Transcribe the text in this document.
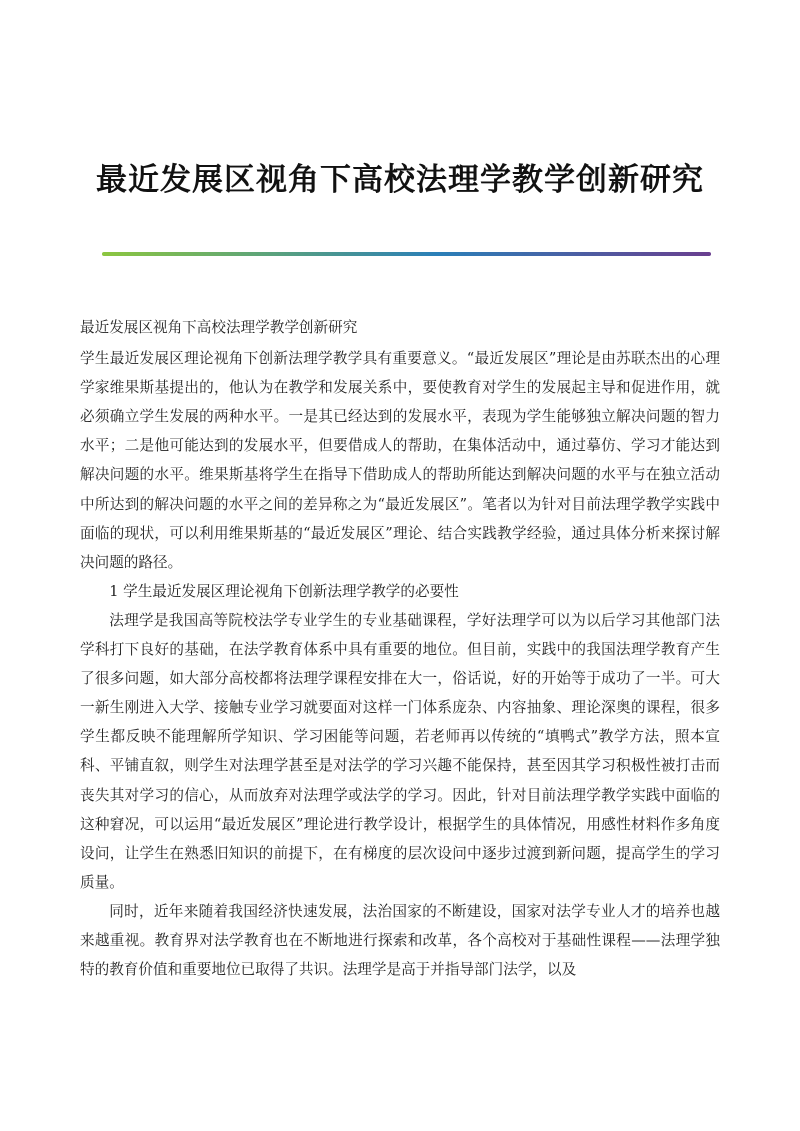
最近发展区视角下高校法理学教学创新研究

最近发展区视角下高校法理学教学创新研究

学生最近发展区理论视角下创新法理学教学具有重要意义。“最近发展区”理论是由苏联杰出的心理学家维果斯基提出的，他认为在教学和发展关系中，要使教育对学生的发展起主导和促进作用，就必须确立学生发展的两种水平。一是其已经达到的发展水平，表现为学生能够独立解决问题的智力水平；二是他可能达到的发展水平，但要借成人的帮助，在集体活动中，通过摹仿、学习才能达到解决问题的水平。维果斯基将学生在指导下借助成人的帮助所能达到解决问题的水平与在独立活动中所达到的解决问题的水平之间的差异称之为“最近发展区”。笔者以为针对目前法理学教学实践中面临的现状，可以利用维果斯基的“最近发展区”理论、结合实践教学经验，通过具体分析来探讨解决问题的路径。

1 学生最近发展区理论视角下创新法理学教学的必要性

法理学是我国高等院校法学专业学生的专业基础课程，学好法理学可以为以后学习其他部门法学科打下良好的基础，在法学教育体系中具有重要的地位。但目前，实践中的我国法理学教育产生了很多问题，如大部分高校都将法理学课程安排在大一，俗话说，好的开始等于成功了一半。可大一新生刚进入大学、接触专业学习就要面对这样一门体系庞杂、内容抽象、理论深奥的课程，很多学生都反映不能理解所学知识、学习困能等问题，若老师再以传统的“填鸭式”教学方法，照本宣科、平铺直叙，则学生对法理学甚至是对法学的学习兴趣不能保持，甚至因其学习积极性被打击而丧失其对学习的信心，从而放弃对法理学或法学的学习。因此，针对目前法理学教学实践中面临的这种窘况，可以运用“最近发展区”理论进行教学设计，根据学生的具体情况，用感性材料作多角度设问，让学生在熟悉旧知识的前提下，在有梯度的层次设问中逐步过渡到新问题，提高学生的学习质量。

同时，近年来随着我国经济快速发展，法治国家的不断建设，国家对法学专业人才的培养也越来越重视。教育界对法学教育也在不断地进行探索和改革，各个高校对于基础性课程——法理学独特的教育价值和重要地位已取得了共识。法理学是高于并指导部门法学，以及
